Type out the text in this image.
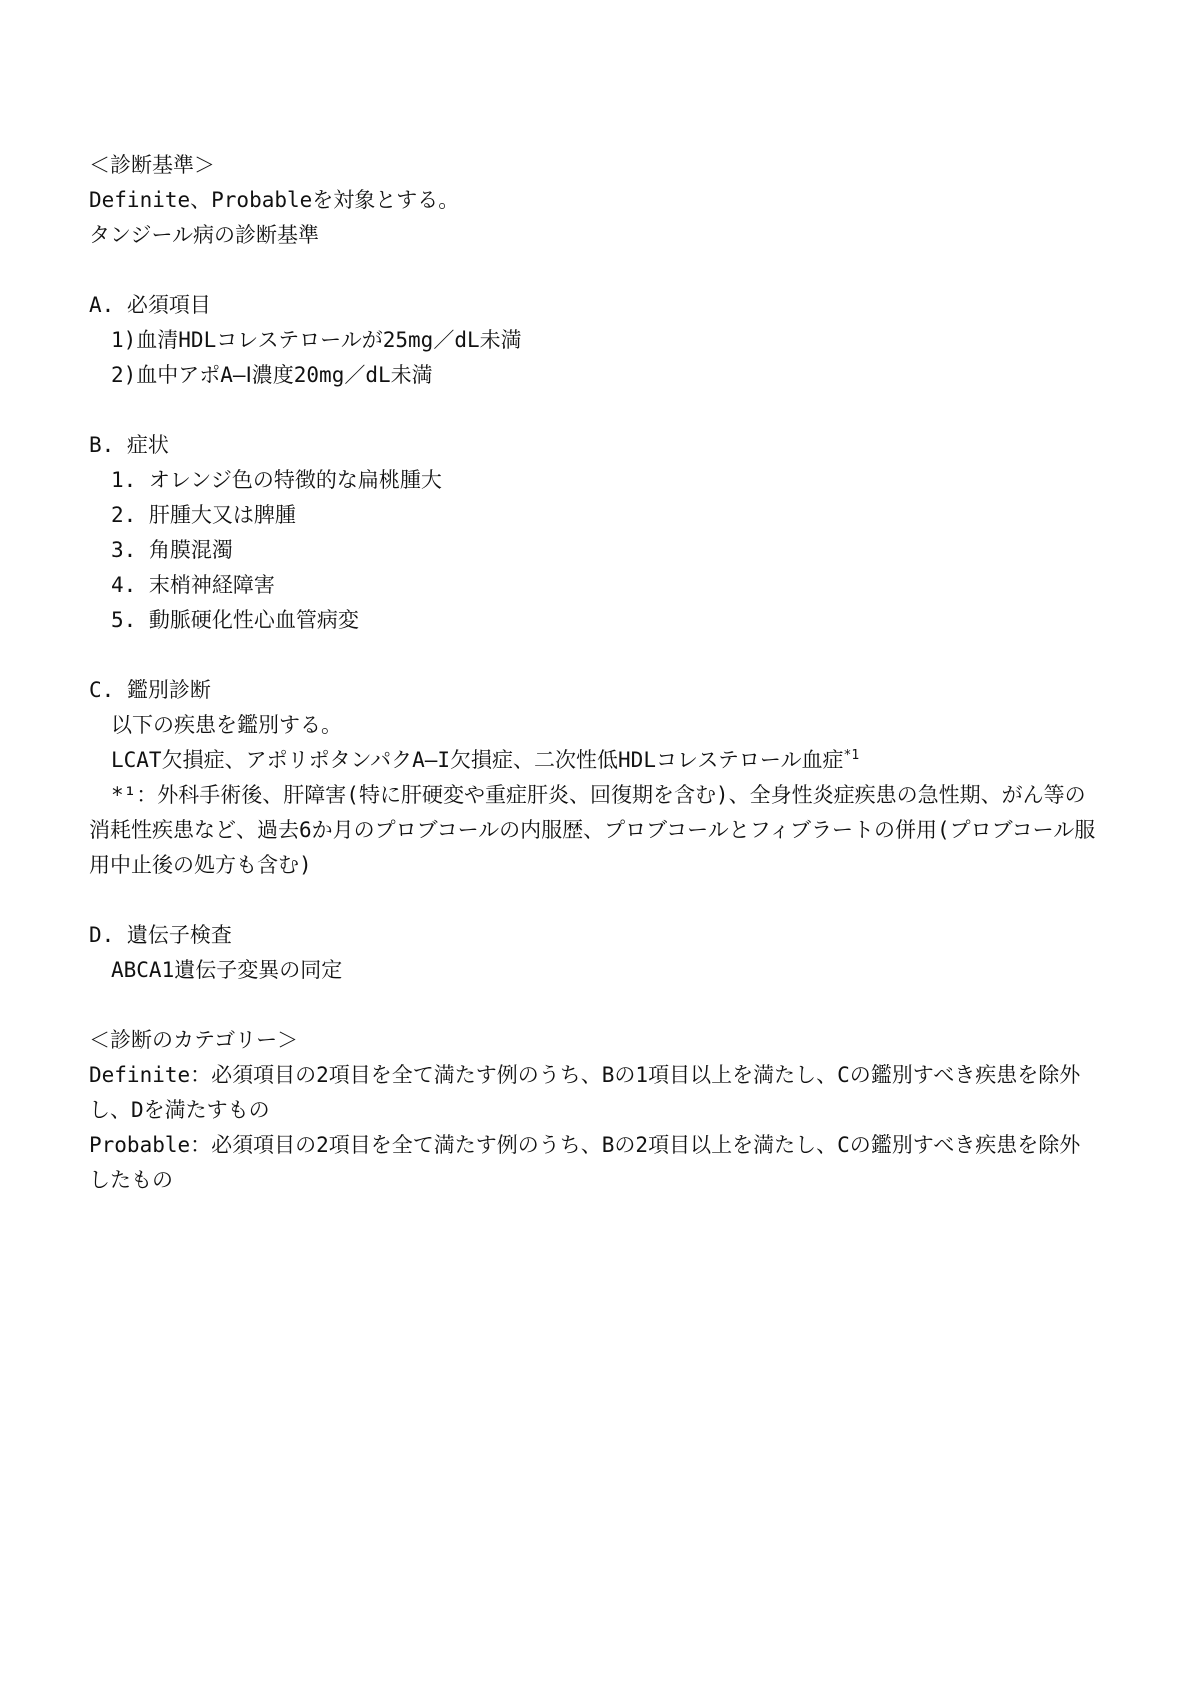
＜診断基準＞
Definite、Probableを対象とする。
タンジール病の診断基準
A. 必須項目
1)血清HDLコレステロールが25mg／dL未満
2)血中アポA—Ⅰ濃度20mg／dL未満
B. 症状
1. オレンジ色の特徴的な扁桃腫大
2. 肝腫大又は脾腫
3. 角膜混濁
4. 末梢神経障害
5. 動脈硬化性心血管病変
C. 鑑別診断
以下の疾患を鑑別する。
LCAT欠損症、アポリポタンパクA—I欠損症、二次性低HDLコレステロール血症$^{*1}$
*¹：外科手術後、肝障害(特に肝硬変や重症肝炎、回復期を含む)、全身性炎症疾患の急性期、がん等の消耗性疾患など、過去6か月のプロブコールの内服歴、プロブコールとフィブラートの併用(プロブコール服用中止後の処方も含む)
D. 遺伝子検査
ABCA1遺伝子変異の同定
＜診断のカテゴリー＞
Definite：必須項目の2項目を全て満たす例のうち、Bの1項目以上を満たし、Cの鑑別すべき疾患を除外し、Dを満たすもの
Probable：必須項目の2項目を全て満たす例のうち、Bの2項目以上を満たし、Cの鑑別すべき疾患を除外したもの
